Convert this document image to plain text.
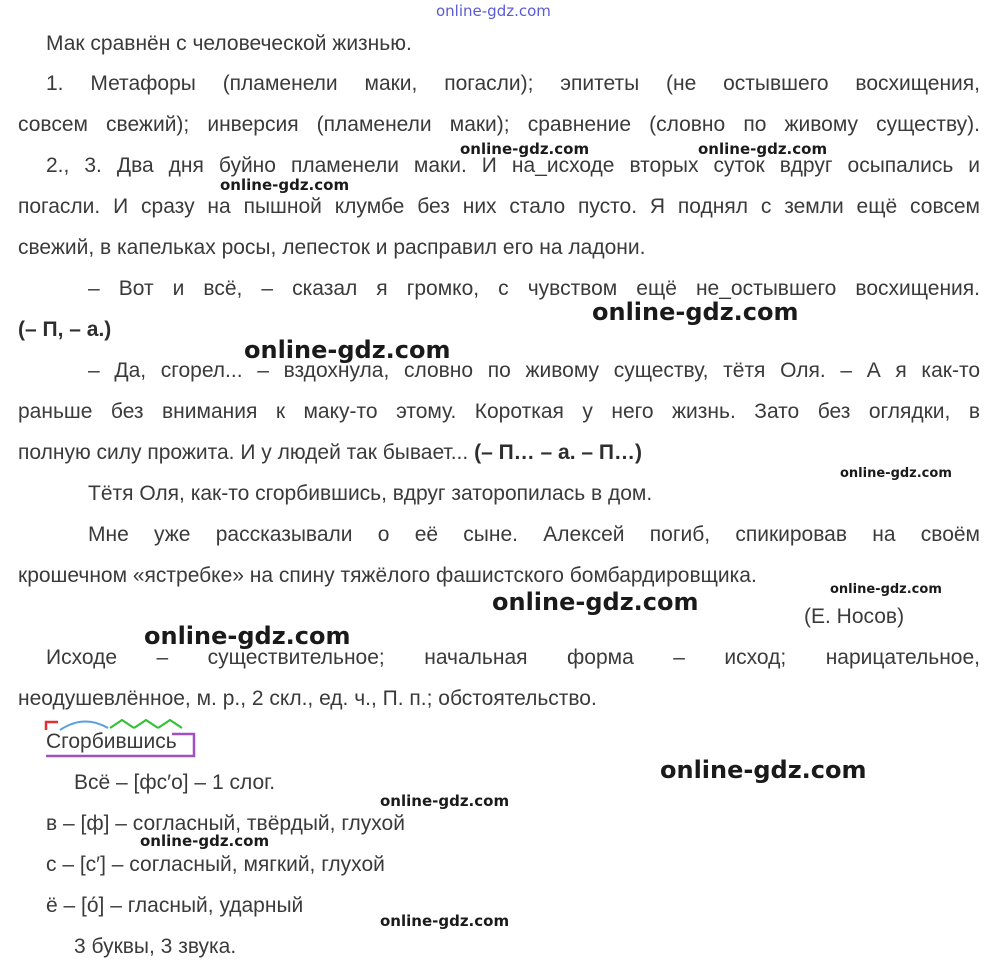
online-gdz.com
online-gdz.com	online-gdz.com
online-gdz.com
online-gdz.com
online-gdz.com
online-gdz.com
online-gdz.com
online-gdz.com
online-gdz.com
online-gdz.com
online-gdz.com
online-gdz.com
online-gdz.com
Мак сравнён с человеческой жизнью.
1. Метафоры (пламенели маки, погасли); эпитеты (не остывшего восхищения,
совсем свежий); инверсия (пламенели маки); сравнение (словно по живому существу).
2., 3. Два дня буйно пламенели маки. И на_исходе вторых суток вдруг осыпались и
погасли. И сразу на пышной клумбе без них стало пусто. Я поднял с земли ещё совсем
свежий, в капельках росы, лепесток и расправил его на ладони.
– Вот и всё, – сказал я громко, с чувством ещё не_остывшего восхищения.
(– П, – а.)
– Да, сгорел... – вздохнула, словно по живому существу, тётя Оля. – А я как-то
раньше без внимания к маку-то этому. Короткая у него жизнь. Зато без оглядки, в
полную силу прожита. И у людей так бывает... (– П… – а. – П…)
Тётя Оля, как-то сгорбившись, вдруг заторопилась в дом.
Мне уже рассказывали о её сыне. Алексей погиб, спикировав на своём
крошечном «ястребке» на спину тяжёлого фашистского бомбардировщика.
(Е. Носов)
Исходе – существительное; начальная форма – исход; нарицательное,
неодушевлённое, м. р., 2 скл., ед. ч., П. п.; обстоятельство.
Сгорбившись
Всё – [фс′о] – 1 слог.
в – [ф] – согласный, твёрдый, глухой
с – [с′] – согласный, мягкий, глухой
ё – [о́] – гласный, ударный
3 буквы, 3 звука.
